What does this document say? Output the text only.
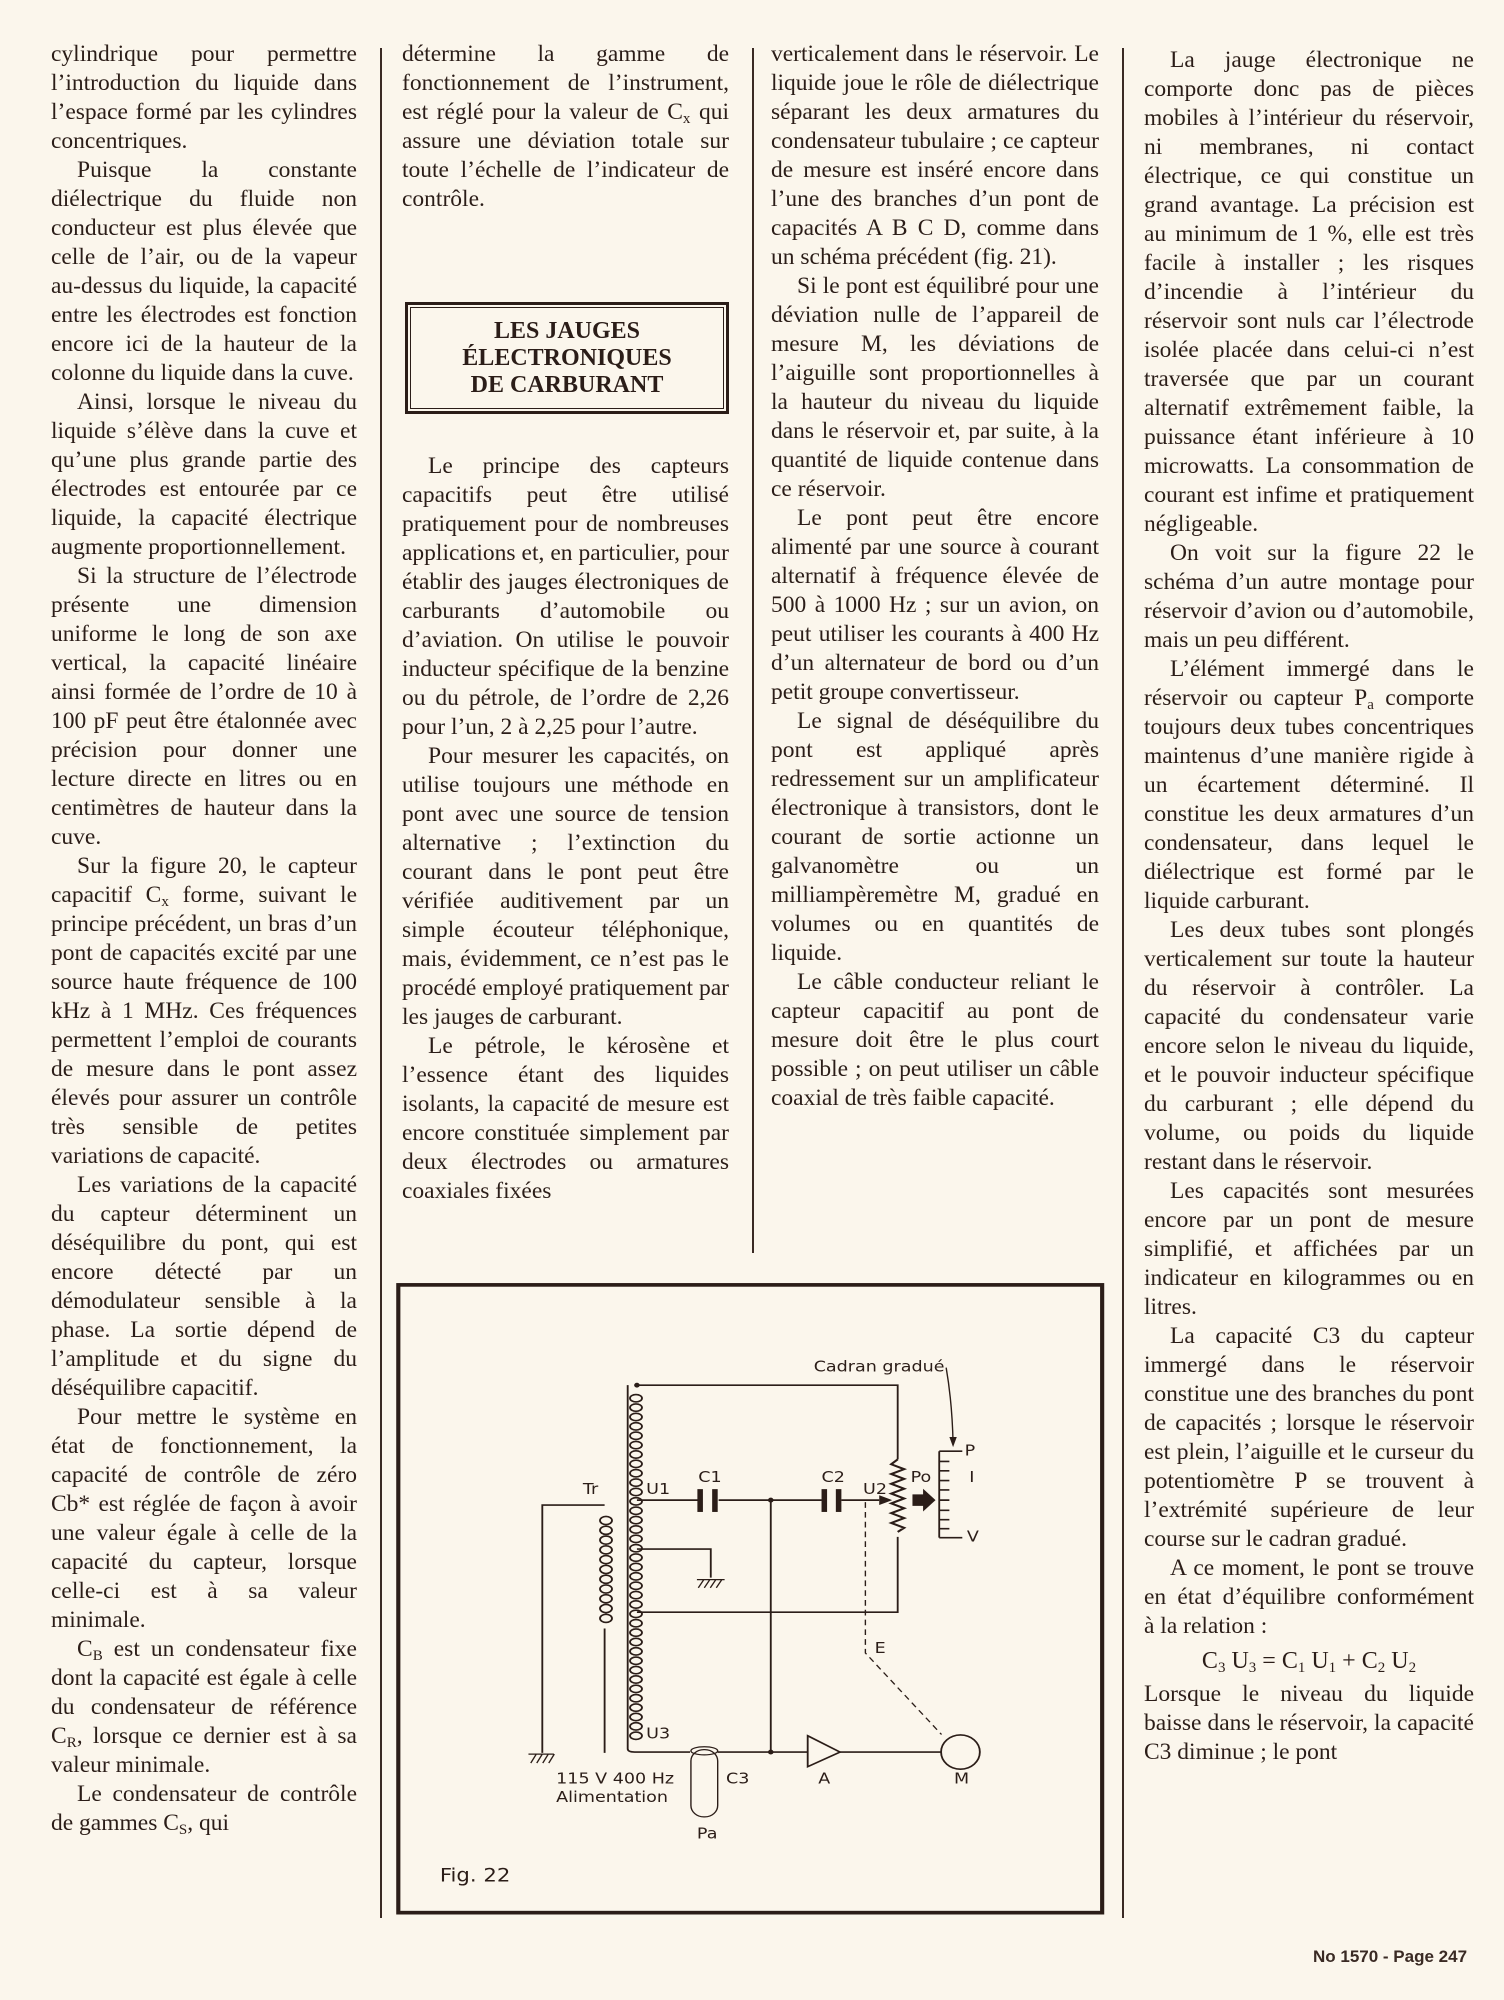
cylindrique pour permettre l’introduction du liquide dans l’espace formé par les cylindres concentriques.

Puisque la constante diélectrique du fluide non conducteur est plus élevée que celle de l’air, ou de la vapeur au-dessus du liquide, la capacité entre les électrodes est fonction encore ici de la hauteur de la colonne du liquide dans la cuve.

Ainsi, lorsque le niveau du liquide s’élève dans la cuve et qu’une plus grande partie des électrodes est entourée par ce liquide, la capacité électrique augmente proportionnellement.

Si la structure de l’électrode présente une dimension uniforme le long de son axe vertical, la capacité linéaire ainsi formée de l’ordre de 10 à 100 pF peut être étalonnée avec précision pour donner une lecture directe en litres ou en centimètres de hauteur dans la cuve.

Sur la figure 20, le capteur capacitif $C_x$ forme, suivant le principe précédent, un bras d’un pont de capacités excité par une source haute fréquence de 100 kHz à 1 MHz. Ces fréquences permettent l’emploi de courants de mesure dans le pont assez élevés pour assurer un contrôle très sensible de petites variations de capacité.

Les variations de la capacité du capteur déterminent un déséquilibre du pont, qui est encore détecté par un démodulateur sensible à la phase. La sortie dépend de l’amplitude et du signe du déséquilibre capacitif.

Pour mettre le système en état de fonctionnement, la capacité de contrôle de zéro Cb* est réglée de façon à avoir une valeur égale à celle de la capacité du capteur, lorsque celle-ci est à sa valeur minimale.

$C_B$ est un condensateur fixe dont la capacité est égale à celle du condensateur de référence $C_R$, lorsque ce dernier est à sa valeur minimale.

Le condensateur de contrôle de gammes $C_S$, qui

détermine la gamme de fonctionnement de l’instrument, est réglé pour la valeur de $C_x$ qui assure une déviation totale sur toute l’échelle de l’indicateur de contrôle.

LES JAUGES
ÉLECTRONIQUES
DE CARBURANT

Le principe des capteurs capacitifs peut être utilisé pratiquement pour de nombreuses applications et, en particulier, pour établir des jauges électroniques de carburants d’automobile ou d’aviation. On utilise le pouvoir inducteur spécifique de la benzine ou du pétrole, de l’ordre de 2,26 pour l’un, 2 à 2,25 pour l’autre.

Pour mesurer les capacités, on utilise toujours une méthode en pont avec une source de tension alternative ; l’extinction du courant dans le pont peut être vérifiée auditivement par un simple écouteur téléphonique, mais, évidemment, ce n’est pas le procédé employé pratiquement par les jauges de carburant.

Le pétrole, le kérosène et l’essence étant des liquides isolants, la capacité de mesure est encore constituée simplement par deux électrodes ou armatures coaxiales fixées

verticalement dans le réservoir. Le liquide joue le rôle de diélectrique séparant les deux armatures du condensateur tubulaire ; ce capteur de mesure est inséré encore dans l’une des branches d’un pont de capacités A B C D, comme dans un schéma précédent (fig. 21).

Si le pont est équilibré pour une déviation nulle de l’appareil de mesure M, les déviations de l’aiguille sont proportionnelles à la hauteur du niveau du liquide dans le réservoir et, par suite, à la quantité de liquide contenue dans ce réservoir.

Le pont peut être encore alimenté par une source à courant alternatif à fréquence élevée de 500 à 1000 Hz ; sur un avion, on peut utiliser les courants à 400 Hz d’un alternateur de bord ou d’un petit groupe convertisseur.

Le signal de déséquilibre du pont est appliqué après redressement sur un amplificateur électronique à transistors, dont le courant de sortie actionne un galvanomètre ou un milliampèremètre M, gradué en volumes ou en quantités de liquide.

Le câble conducteur reliant le capteur capacitif au pont de mesure doit être le plus court possible ; on peut utiliser un câble coaxial de très faible capacité.

La jauge électronique ne comporte donc pas de pièces mobiles à l’intérieur du réservoir, ni membranes, ni contact électrique, ce qui constitue un grand avantage. La précision est au minimum de 1 %, elle est très facile à installer ; les risques d’incendie à l’intérieur du réservoir sont nuls car l’électrode isolée placée dans celui-ci n’est traversée que par un courant alternatif extrêmement faible, la puissance étant inférieure à 10 microwatts. La consommation de courant est infime et pratiquement négligeable.

On voit sur la figure 22 le schéma d’un autre montage pour réservoir d’avion ou d’automobile, mais un peu différent.

L’élément immergé dans le réservoir ou capteur $P_a$ comporte toujours deux tubes concentriques maintenus d’une manière rigide à un écartement déterminé. Il constitue les deux armatures d’un condensateur, dans lequel le diélectrique est formé par le liquide carburant.

Les deux tubes sont plongés verticalement sur toute la hauteur du réservoir à contrôler. La capacité du condensateur varie encore selon le niveau du liquide, et le pouvoir inducteur spécifique du carburant ; elle dépend du volume, ou poids du liquide restant dans le réservoir.

Les capacités sont mesurées encore par un pont de mesure simplifié, et affichées par un indicateur en kilogrammes ou en litres.

La capacité C3 du capteur immergé dans le réservoir constitue une des branches du pont de capacités ; lorsque le réservoir est plein, l’aiguille et le curseur du potentiomètre P se trouvent à l’extrémité supérieure de leur course sur le cadran gradué.

A ce moment, le pont se trouve en état d’équilibre conformément à la relation :

$C_3$ $U_3 = C_1$ $U_1 + C_2$ $U_2$

Lorsque le niveau du liquide baisse dans le réservoir, la capacité C3 diminue ; le pont

Cadran gradué
Tr U1
C1	C2
U2
Po
P
I
V
E
U3
C3 A	M
Pa
115 V 400 Hz
Alimentation
Fig. 22
No 1570 - Page 247
